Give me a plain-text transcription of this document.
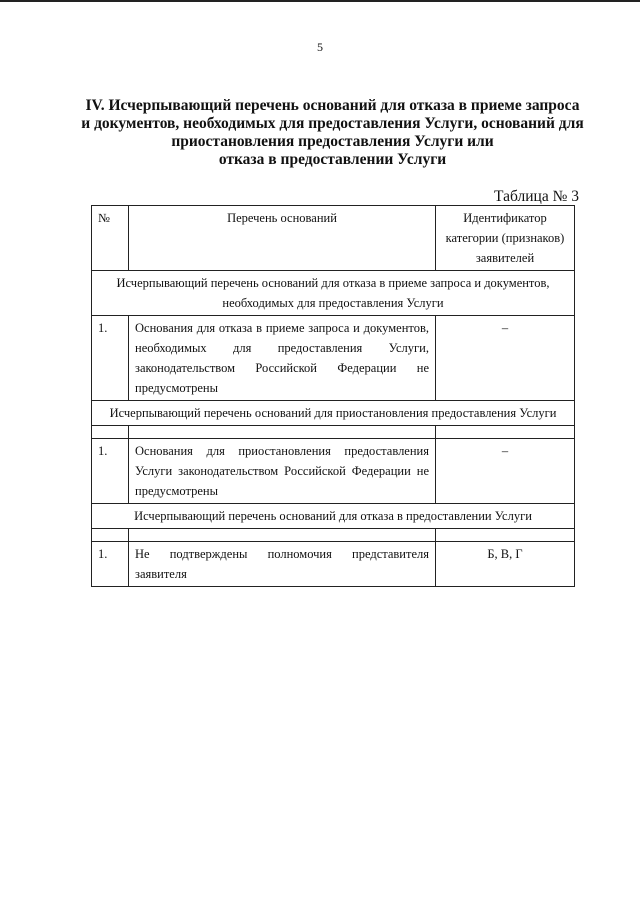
5
IV. Исчерпывающий перечень оснований для отказа в приеме запроса
и документов, необходимых для предоставления Услуги, оснований для
приостановления предоставления Услуги или
отказа в предоставлении Услуги
Таблица № 3
№	Перечень оснований	Идентификатор категории (признаков) заявителей
Исчерпывающий перечень оснований для отказа в приеме запроса и документов, необходимых для предоставления Услуги		
1.	Основания для отказа в приеме запроса и документов, необходимых для предоставления Услуги, законодательством Российской Федерации не предусмотрены	–
Исчерпывающий перечень оснований для приостановления предоставления Услуги		

1.	Основания для приостановления предоставления Услуги законодательством Российской Федерации не предусмотрены	–
Исчерпывающий перечень оснований для отказа в предоставлении Услуги		

1.	Не подтверждены полномочия представителя заявителя	Б, В, Г
